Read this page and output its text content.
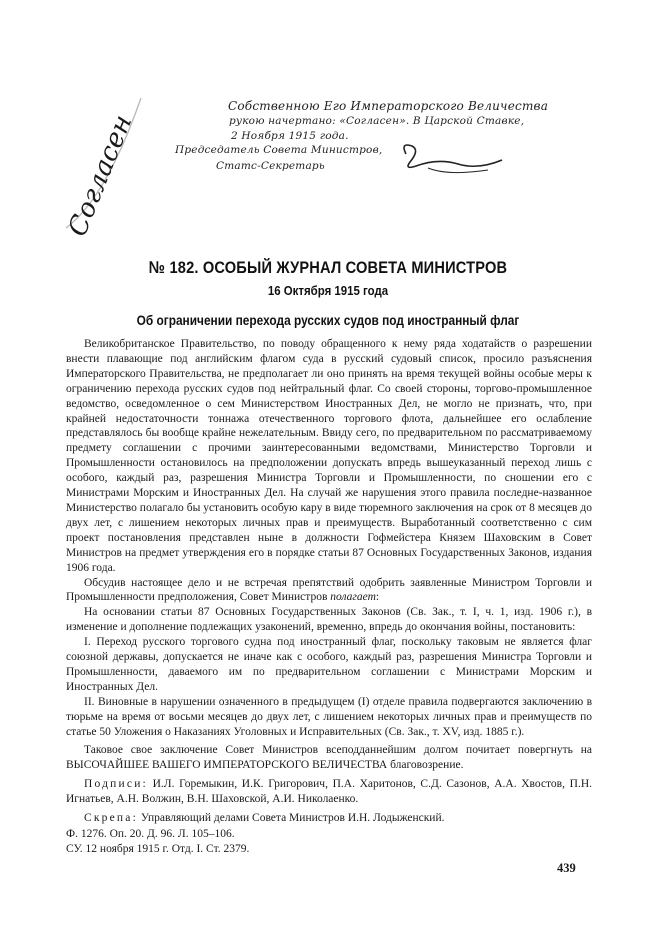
Согласен
Собственною Его Императорского Величества
рукою начертано: «Согласен». В Царской Ставке,
2 Ноября 1915 года.
Председатель Совета Министров,
Статс-Секретарь
№ 182. ОСОБЫЙ ЖУРНАЛ СОВЕТА МИНИСТРОВ
16 Октября 1915 года
Об ограничении перехода русских судов под иностранный флаг

Великобританское Правительство, по поводу обращенного к нему ряда ходатайств о разрешении внести плавающие под английским флагом суда в русский судовый список, просило разъяснения Императорского Правительства, не предполагает ли оно принять на время текущей войны особые меры к ограничению перехода русских судов под нейтральный флаг. Со своей стороны, торгово-промышленное ведомство, осведомленное о сем Министерством Иностранных Дел, не могло не признать, что, при крайней недостаточности тоннажа отечественного торгового флота, дальнейшее его ослабление представлялось бы вообще крайне нежелательным. Ввиду сего, по предварительном по рассматриваемому предмету соглашении с прочими заинтересованными ведомствами, Министерство Торговли и Промышленности остановилось на предположении допускать впредь вышеуказанный переход лишь с особого, каждый раз, разрешения Министра Торговли и Промышленности, по сношении его с Министрами Морским и Иностранных Дел. На случай же нарушения этого правила последне-названное Министерство полагало бы установить особую кару в виде тюремного заключения на срок от 8 месяцев до двух лет, с лишением некоторых личных прав и преимуществ. Выработанный соответственно с сим проект постановления представлен ныне в должности Гофмейстера Князем Шаховским в Совет Министров на предмет утверждения его в порядке статьи 87 Основных Государственных Законов, издания 1906 года.

Обсудив настоящее дело и не встречая препятствий одобрить заявленные Министром Торговли и Промышленности предположения, Совет Министров полагает:

На основании статьи 87 Основных Государственных Законов (Св. Зак., т. I, ч. 1, изд. 1906 г.), в изменение и дополнение подлежащих узаконений, временно, впредь до окончания войны, постановить:

I. Переход русского торгового судна под иностранный флаг, поскольку таковым не является флаг союзной державы, допускается не иначе как с особого, каждый раз, разрешения Министра Торговли и Промышленности, даваемого им по предварительном соглашении с Министрами Морским и Иностранных Дел.

II. Виновные в нарушении означенного в предыдущем (I) отделе правила подвергаются заключению в тюрьме на время от восьми месяцев до двух лет, с лишением некоторых личных прав и преимуществ по статье 50 Уложения о Наказаниях Уголовных и Исправительных (Св. Зак., т. XV, изд. 1885 г.).

Таковое свое заключение Совет Министров всеподданнейшим долгом почитает повергнуть на ВЫСОЧАЙШЕЕ ВАШЕГО ИМПЕРАТОРСКОГО ВЕЛИЧЕСТВА благовозрение.

Подписи: И.Л. Горемыкин, И.К. Григорович, П.А. Харитонов, С.Д. Сазонов, А.А. Хвостов, П.Н. Игнатьев, А.Н. Волжин, В.Н. Шаховской, А.И. Николаенко.

Скрепа: Управляющий делами Совета Министров И.Н. Лодыженский.

Ф. 1276. Оп. 20. Д. 96. Л. 105–106.
СУ. 12 ноября 1915 г. Отд. I. Ст. 2379.
439
